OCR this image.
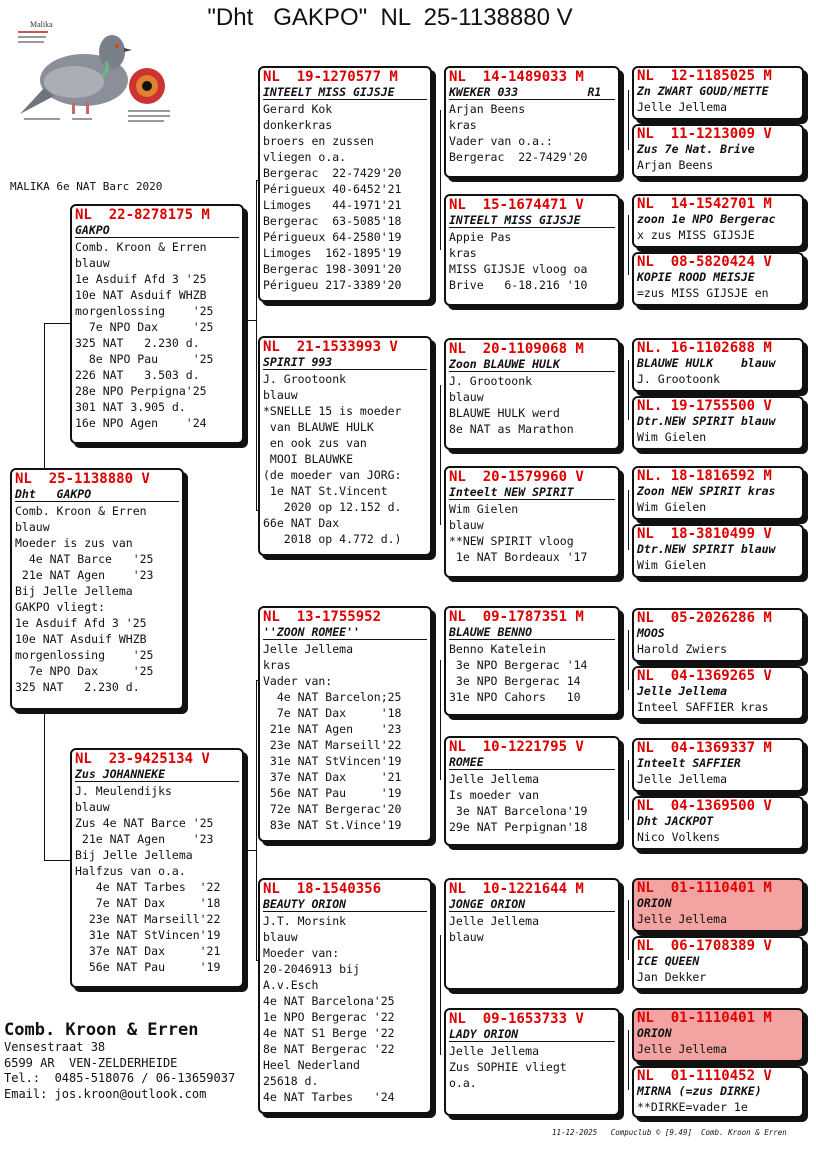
"Dht   GAKPO"  NL  25-1138880 V
Malika
MALIKA 6e NAT Barc 2020
NL  25-1138880 V
Dht   GAKPO
Comb. Kroon & Erren
blauw
Moeder is zus van
4e NAT Barce   '25
21e NAT Agen    '23
Bij Jelle Jellema
GAKPO vliegt:
1e Asduif Afd 3 '25
10e NAT Asduif WHZB
morgenlossing    '25
7e NPO Dax     '25
325 NAT   2.230 d.
NL  22-8278175 M
GAKPO
Comb. Kroon & Erren
blauw
1e Asduif Afd 3 '25
10e NAT Asduif WHZB
morgenlossing    '25
7e NPO Dax     '25
325 NAT   2.230 d.
8e NPO Pau     '25
226 NAT   3.503 d.
28e NPO Perpigna'25
301 NAT 3.905 d.
16e NPO Agen    '24
NL  23-9425134 V
Zus JOHANNEKE
J. Meulendijks
blauw
Zus 4e NAT Barce '25
21e NAT Agen    '23
Bij Jelle Jellema
Halfzus van o.a.
4e NAT Tarbes  '22
7e NAT Dax     '18
23e NAT Marseill'22
31e NAT StVincen'19
37e NAT Dax     '21
56e NAT Pau     '19
NL  19-1270577 M
INTEELT MISS GIJSJE
Gerard Kok
donkerkras
broers en zussen
vliegen o.a.
Bergerac  22-7429'20
Périgueux 40-6452'21
Limoges   44-1971'21
Bergerac  63-5085'18
Périgueux 64-2580'19
Limoges  162-1895'19
Bergerac 198-3091'20
Périgueu 217-3389'20
NL  21-1533993 V
SPIRIT 993
J. Grootoonk
blauw
*SNELLE 15 is moeder
van BLAUWE HULK
en ook zus van
MOOI BLAUWKE
(de moeder van JORG:
1e NAT St.Vincent
2020 op 12.152 d.
66e NAT Dax
2018 op 4.772 d.)
NL  13-1755952
''ZOON ROMEE''
Jelle Jellema
kras
Vader van:
4e NAT Barcelon;25
7e NAT Dax     '18
21e NAT Agen    '23
23e NAT Marseill'22
31e NAT StVincen'19
37e NAT Dax     '21
56e NAT Pau     '19
72e NAT Bergerac'20
83e NAT St.Vince'19
NL  18-1540356
BEAUTY ORION
J.T. Morsink
blauw
Moeder van:
20-2046913 bij
A.v.Esch
4e NAT Barcelona'25
1e NPO Bergerac '22
4e NAT S1 Berge '22
8e NAT Bergerac '22
Heel Nederland
25618 d.
4e NAT Tarbes   '24
NL  14-1489033 M
KWEKER 033          R1
Arjan Beens
kras
Vader van o.a.:
Bergerac  22-7429'20
NL  15-1674471 V
INTEELT MISS GIJSJE
Appie Pas
kras
MISS GIJSJE vloog oa
Brive   6-18.216 '10
NL  20-1109068 M
Zoon BLAUWE HULK
J. Grootoonk
blauw
BLAUWE HULK werd
8e NAT as Marathon
NL  20-1579960 V
Inteelt NEW SPIRIT
Wim Gielen
blauw
**NEW SPIRIT vloog
1e NAT Bordeaux '17
NL  09-1787351 M
BLAUWE BENNO
Benno Katelein
3e NPO Bergerac '14
3e NPO Bergerac 14
31e NPO Cahors   10
NL  10-1221795 V
ROMEE
Jelle Jellema
Is moeder van
3e NAT Barcelona'19
29e NAT Perpignan'18
NL  10-1221644 M
JONGE ORION
Jelle Jellema
blauw
NL  09-1653733 V
LADY ORION
Jelle Jellema
Zus SOPHIE vliegt
o.a.
NL  12-1185025 M
Zn ZWART GOUD/METTE
Jelle Jellema
NL  11-1213009 V
Zus 7e Nat. Brive
Arjan Beens
NL  14-1542701 M
zoon 1e NPO Bergerac
x zus MISS GIJSJE
NL  08-5820424 V
KOPIE ROOD MEISJE
=zus MISS GIJSJE en
NL. 16-1102688 M
BLAUWE HULK    blauw
J. Grootoonk
NL. 19-1755500 V
Dtr.NEW SPIRIT blauw
Wim Gielen
NL. 18-1816592 M
Zoon NEW SPIRIT kras
Wim Gielen
NL  18-3810499 V
Dtr.NEW SPIRIT blauw
Wim Gielen
NL  05-2026286 M
MOOS
Harold Zwiers
NL  04-1369265 V
Jelle Jellema
Inteel SAFFIER kras
NL  04-1369337 M
Inteelt SAFFIER
Jelle Jellema
NL  04-1369500 V
Dht JACKPOT
Nico Volkens
NL  01-1110401 M
ORION
Jelle Jellema
NL  06-1708389 V
ICE QUEEN
Jan Dekker
NL  01-1110401 M
ORION
Jelle Jellema
NL  01-1110452 V
MIRNA (=zus DIRKE)
**DIRKE=vader 1e
Comb. Kroon & Erren
Vensestraat 38
6599 AR  VEN-ZELDERHEIDE
Tel.:  0485-518076 / 06-13659037
Email: jos.kroon@outlook.com
11-12-2025   Compuclub © [9.49]  Comb. Kroon & Erren
